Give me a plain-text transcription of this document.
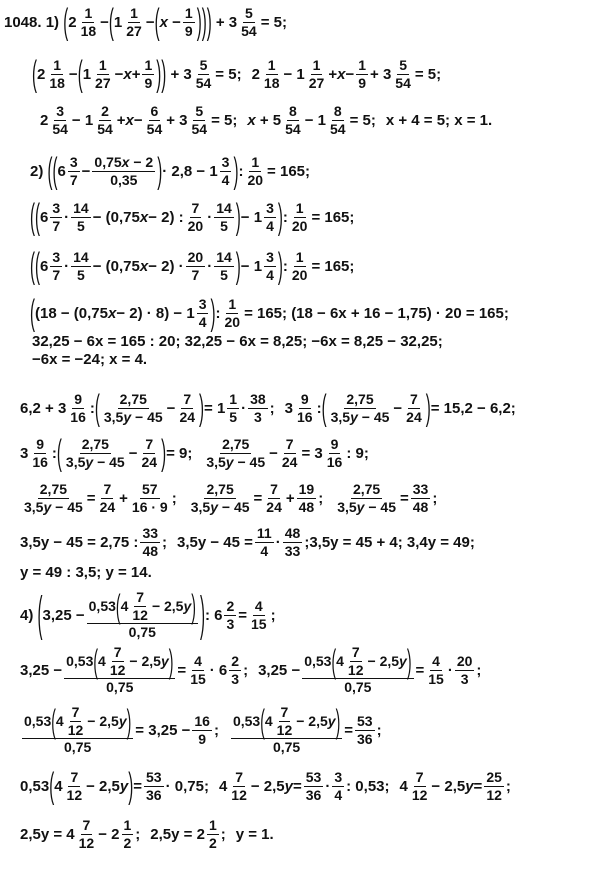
1048.
1)
( $2 \frac{1}{18}$ − ( $1 \frac{1}{27}$ − ( $x - \frac{1}{9}$ ) ) ) + $3 \frac{5}{54} = 5$;
( $2 \frac{1}{18}$ − ( $1 \frac{1}{27} - x + \frac{1}{9}$ ) ) + $3 \frac{5}{54} = 5$;
$2 \frac{1}{18} - 1 \frac{1}{27} + x - \frac{1}{9} + 3 \frac{5}{54} = 5$;
$2 \frac{3}{54} - 1 \frac{2}{54} + x - \frac{6}{54} + 3 \frac{5}{54} = 5$; $x + 5 \frac{8}{54} - 1 \frac{8}{54} = 5$; x + 4 = 5; x = 1.
2)
( ( $6 \frac{3}{7} - \frac{0,75x - 2}{0,35}$ ) · $2,8 - 1 \frac{3}{4}$ ) : $\frac{1}{20} = 165$;
( ( $6 \frac{3}{7} \cdot \frac{14}{5} - (0,75$ x − 2) : $\frac{7}{20} \cdot \frac{14}{5}$ ) − $1 \frac{3}{4}$ ) : $\frac{1}{20} = 165$;
( ( $6 \frac{3}{7} \cdot \frac{14}{5} - (0,75$ $x - 2) \cdot \frac{20}{7} \cdot \frac{14}{5}$ ) − $1 \frac{3}{4}$ ) : $\frac{1}{20} = 165$;
( (18 − (0,75 $x - 2) \cdot 8) - 1 \frac{3}{4}$ ) : $\frac{1}{20} = 165$;
(18 − 6x + 16 − 1,75) · 20 = 165;
32,25 − 6x = 165 : 20; 32,25 − 6x = 8,25; −6x = 8,25 − 32,25;
−6x = −24; x = 4.
$6,2 + 3 \frac{9}{16}$ : ( $\frac{2,75}{3,5y - 45} - \frac{7}{24}$ ) = $1 \frac{1}{5} \cdot \frac{38}{3}$ ;
$3 \frac{9}{16}$ : ( $\frac{2,75}{3,5y - 45} - \frac{7}{24}$ ) = 15,2 − 6,2;
$3 \frac{9}{16}$ : ( $\frac{2,75}{3,5y - 45} - \frac{7}{24}$ ) = 9; $\frac{2,75}{3,5y - 45} - \frac{7}{24} = 3 \frac{9}{16}$ : 9;
$\frac{2,75}{3,5y - 45} = \frac{7}{24} + \frac{57}{16 \cdot 9}$ ; $\frac{2,75}{3,5y - 45} = \frac{7}{24} + \frac{19}{48}$ ; $\frac{2,75}{3,5y - 45} = \frac{33}{48}$ ;
3,5y − 45 = 2,75 : $\frac{33}{48}$ ; $3,5y - 45 = \frac{11}{4} \cdot \frac{48}{33}$ ; 3,5y = 45 + 4; 3,4y = 49;
y = 49 : 3,5; y = 14.
4)
( $3,25 - \frac{0,53 ( 4 \frac{7}{12} - 2,5 y )}{0,75}$ ) : $6 \frac{2}{3} = \frac{4}{15}$ ;
$3,25 - \frac{0,53 ( 4 \frac{7}{12} - 2,5 y )}{0,75} = \frac{4}{15} \cdot 6 \frac{2}{3}$ ;
$3,25 - \frac{0,53 ( 4 \frac{7}{12} - 2,5 y )}{0,75} = \frac{4}{15} \cdot \frac{20}{3}$ ;
$\frac{0,53 ( 4 \frac{7}{12} - 2,5 y )}{0,75} = 3,25 - \frac{16}{9}$ ; $\frac{0,53 ( 4 \frac{7}{12} - 2,5 y )}{0,75} = \frac{53}{36}$ ;
0,53 ( $4 \frac{7}{12} - 2,5$ y ) = $\frac{53}{36} \cdot 0,75$;
$4 \frac{7}{12} - 2,5$ $y = \frac{53}{36} \cdot \frac{3}{4}$ : 0,53;
$4 \frac{7}{12} - 2,5$ $y = \frac{25}{12}$ ;
$2,5y = 4 \frac{7}{12} - 2 \frac{1}{2}$ ; $2,5y = 2 \frac{1}{2}$ ; y = 1.
